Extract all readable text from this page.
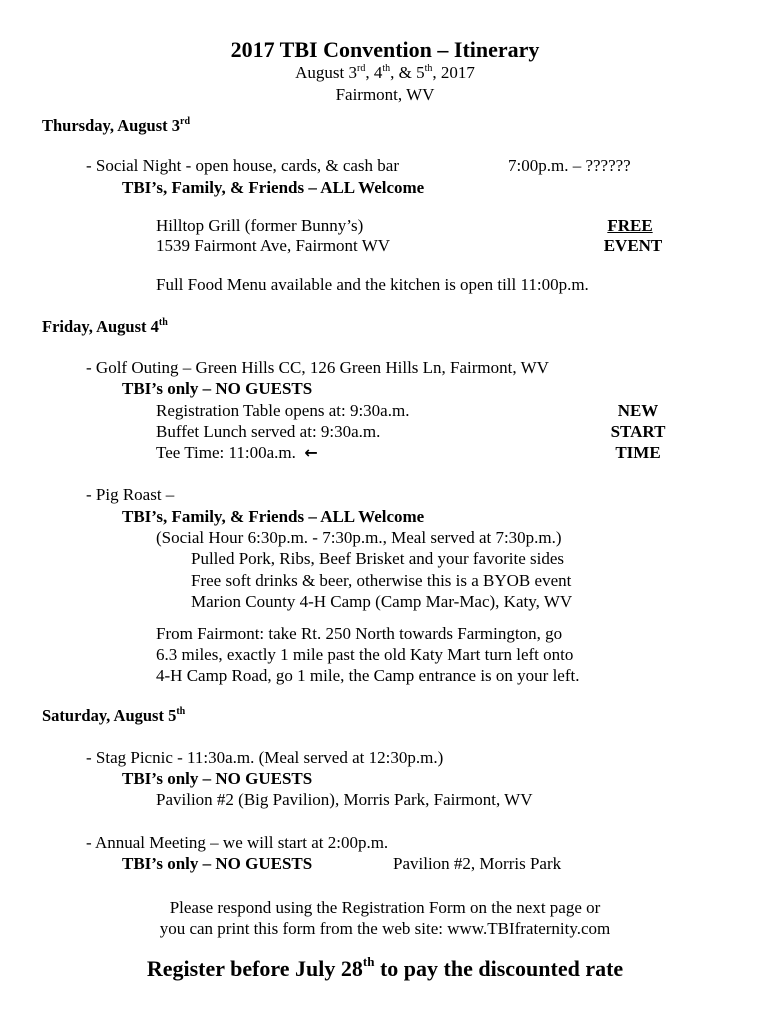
2017 TBI Convention – Itinerary
August 3rd, 4th, & 5th, 2017
Fairmont, WV
Thursday, August 3rd
- Social Night - open house, cards, & cash bar	7:00p.m. – ??????
TBI’s, Family, & Friends – ALL Welcome
Hilltop Grill (former Bunny’s)
1539 Fairmont Ave, Fairmont WV
FREE
EVENT
Full Food Menu available and the kitchen is open till 11:00p.m.
Friday, August 4th
- Golf Outing – Green Hills CC, 126 Green Hills Ln, Fairmont, WV
TBI’s only – NO GUESTS
Registration Table opens at: 9:30a.m.
Buffet Lunch served at: 9:30a.m.
Tee Time: 11:00a.m. ←
NEW
START
TIME
- Pig Roast –
TBI’s, Family, & Friends – ALL Welcome
(Social Hour 6:30p.m. - 7:30p.m., Meal served at 7:30p.m.)
Pulled Pork, Ribs, Beef Brisket and your favorite sides
Free soft drinks & beer, otherwise this is a BYOB event
Marion County 4-H Camp (Camp Mar-Mac), Katy, WV
From Fairmont: take Rt. 250 North towards Farmington, go
6.3 miles, exactly 1 mile past the old Katy Mart turn left onto
4-H Camp Road, go 1 mile, the Camp entrance is on your left.
Saturday, August 5th
- Stag Picnic - 11:30a.m. (Meal served at 12:30p.m.)
TBI’s only – NO GUESTS
Pavilion #2 (Big Pavilion), Morris Park, Fairmont, WV
- Annual Meeting – we will start at 2:00p.m.
TBI’s only – NO GUESTS	Pavilion #2, Morris Park
Please respond using the Registration Form on the next page or
you can print this form from the web site: www.TBIfraternity.com
Register before July 28th to pay the discounted rate
